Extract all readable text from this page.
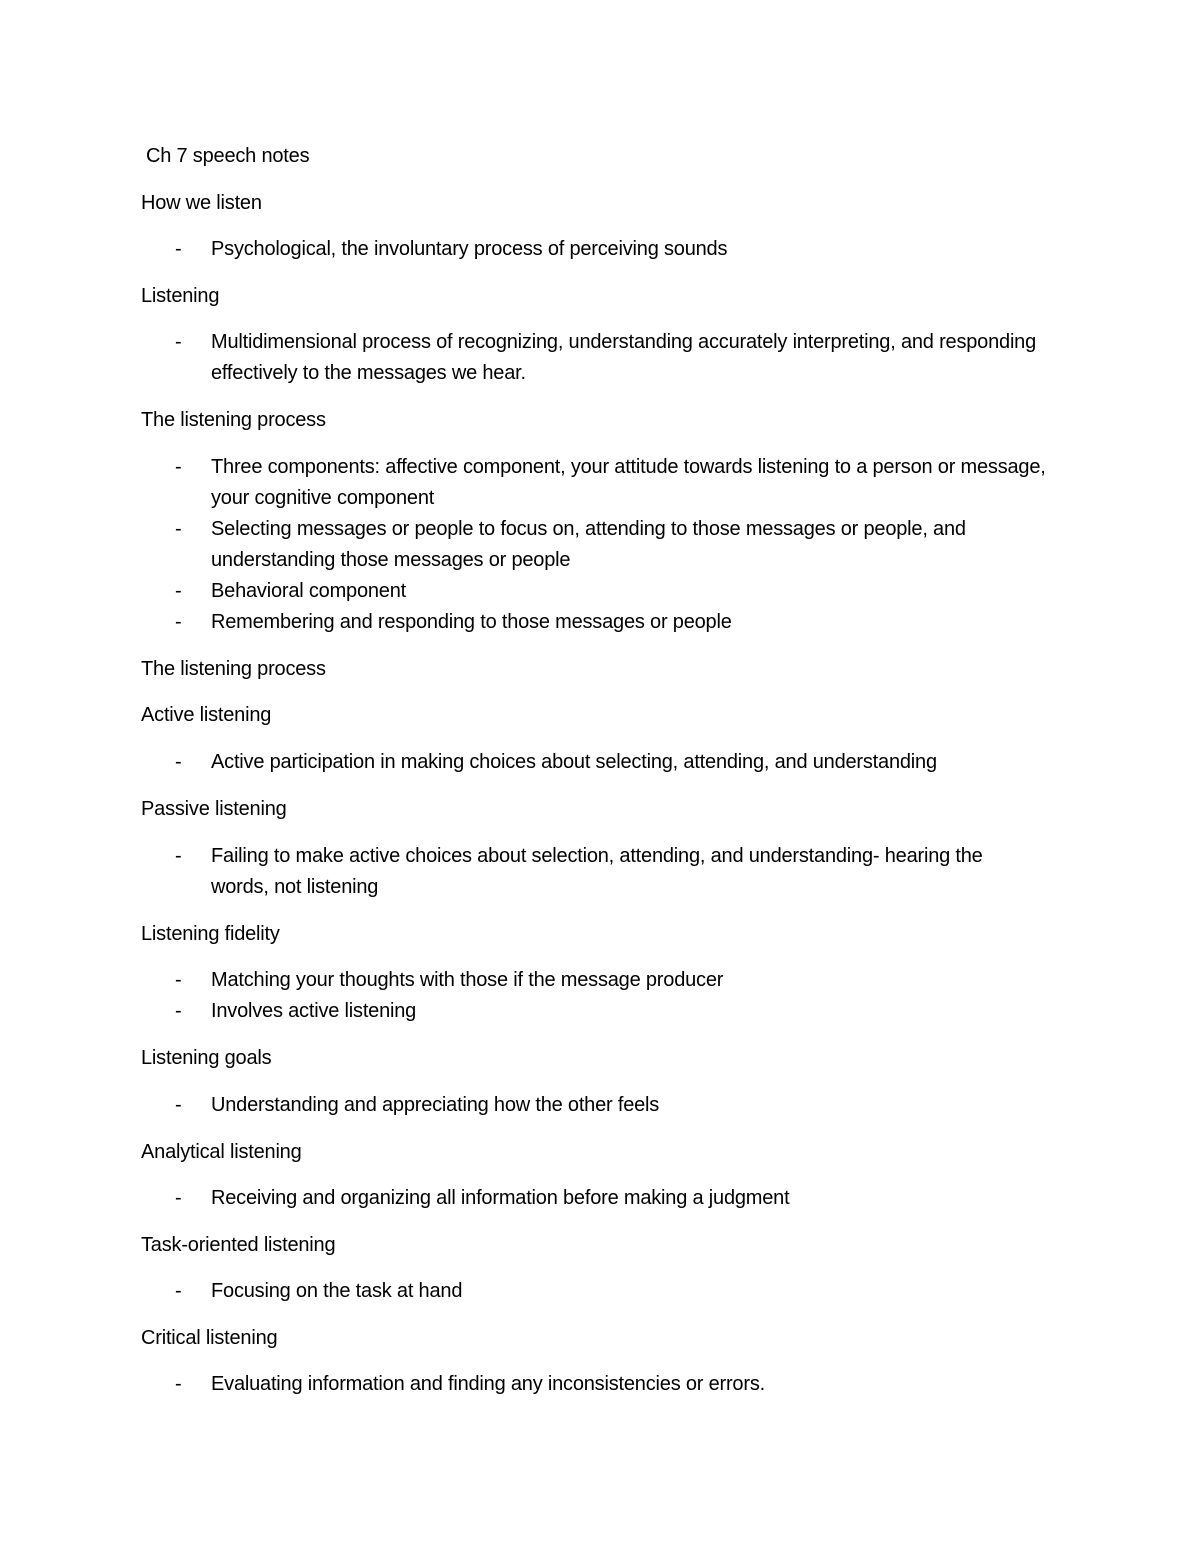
Ch 7 speech notes
How we listen
- Psychological, the involuntary process of perceiving sounds
Listening
- Multidimensional process of recognizing, understanding accurately interpreting, and responding effectively to the messages we hear.
The listening process
- Three components: affective component, your attitude towards listening to a person or message, your cognitive component
- Selecting messages or people to focus on, attending to those messages or people, and understanding those messages or people
- Behavioral component
- Remembering and responding to those messages or people
The listening process
Active listening
- Active participation in making choices about selecting, attending, and understanding
Passive listening
- Failing to make active choices about selection, attending, and understanding- hearing the words, not listening
Listening fidelity
- Matching your thoughts with those if the message producer
- Involves active listening
Listening goals
- Understanding and appreciating how the other feels
Analytical listening
- Receiving and organizing all information before making a judgment
Task-oriented listening
- Focusing on the task at hand
Critical listening
- Evaluating information and finding any inconsistencies or errors.
